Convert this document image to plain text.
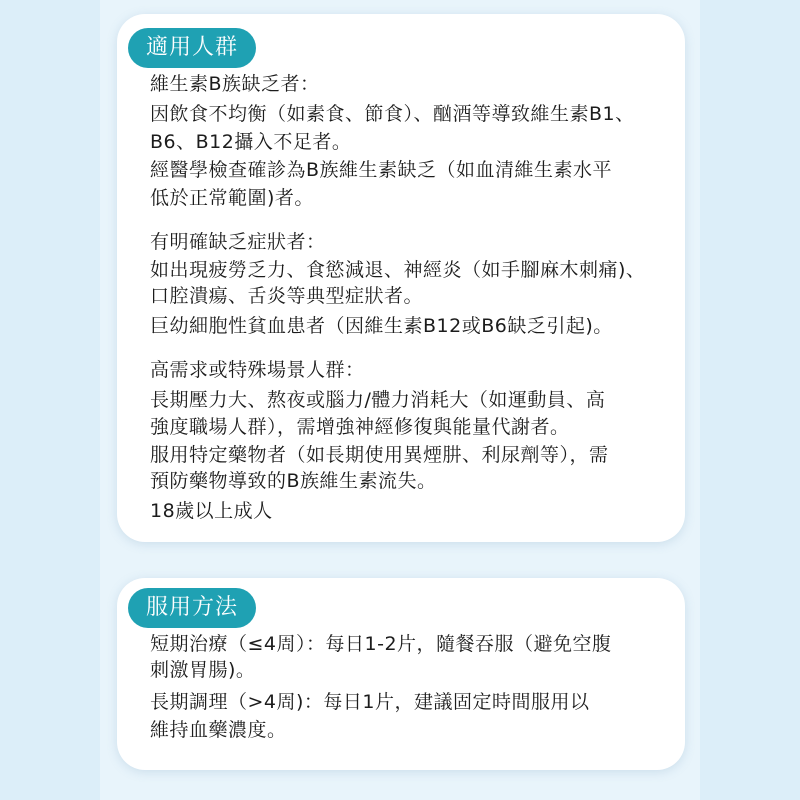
適用人群
維生素B族缺乏者：
因飲食不均衡（如素食、節食）、酗酒等導致維生素B1、
B6、B12攝入不足者。
經醫學檢查確診為B族維生素缺乏（如血清維生素水平
低於正常範圍)者。
有明確缺乏症狀者：
如出現疲勞乏力、食慾減退、神經炎（如手腳麻木刺痛)、
口腔潰瘍、舌炎等典型症狀者。
巨幼細胞性貧血患者（因維生素B12或B6缺乏引起)。
高需求或特殊場景人群：
長期壓力大、熬夜或腦力/體力消耗大（如運動員、高
強度職場人群），需增強神經修復與能量代謝者。
服用特定藥物者（如長期使用異煙肼、利尿劑等），需
預防藥物導致的B族維生素流失。
18歲以上成人
服用方法
短期治療（≤4周）：每日1-2片，隨餐吞服（避免空腹
刺激胃腸)。
長期調理（>4周)：每日1片，建議固定時間服用以
維持血藥濃度。
